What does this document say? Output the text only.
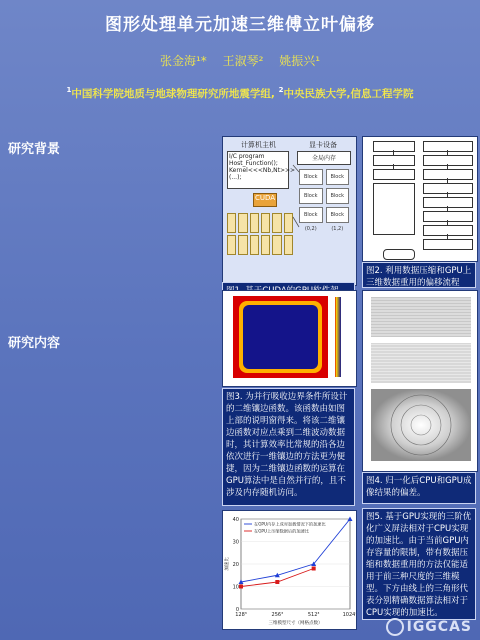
图形处理单元加速三维傅立叶偏移
张金海¹* 王淑琴² 姚振兴¹
$^1$中国科学院地质与地球物理研究所地震学组, $^2$中央民族大学,信息工程学院
研究背景
研究内容
计算机主机	显卡设备
I/C program
Host_Function();
Kernel<<<Nb,Nt>>>(...);
CUDA
全局内存
Block	Block
Block	Block
Block (0,2)
Block (1,2)
图2. 利用数据压缩和GPU上三维数据重用的偏移流程
图3. 为并行吸收边界条件所设计的二维镶边函数。该函数由如图上部的说明窗得来。将该二维镶边函数对应点乘到二维波动数据时，其计算效率比常规的沿各边依次进行一维镶边的方法更为便捷，因为二维镶边函数的运算在GPU算法中是自然并行的，且不涉及内存随机访问。
图4. 归一化后CPU和GPU成像结果的偏差。
0
10
20
30
40
128³	256³	512³	1024³
三维模型尺寸（网格点数）
加速比
在GPU内存上成对加载情况下的加速比
在GPU上压缩数据后的加速比
图5. 基于GPU实现的三阶优化广义屏法相对于CPU实现的加速比。由于当前GPU内存容量的限制，带有数据压缩和数据重用的方法仅能适用于前三种尺度的三维模型。下方由线上的三角形代表分别精确数据算法相对于CPU实现的加速比。
IGGCAS
